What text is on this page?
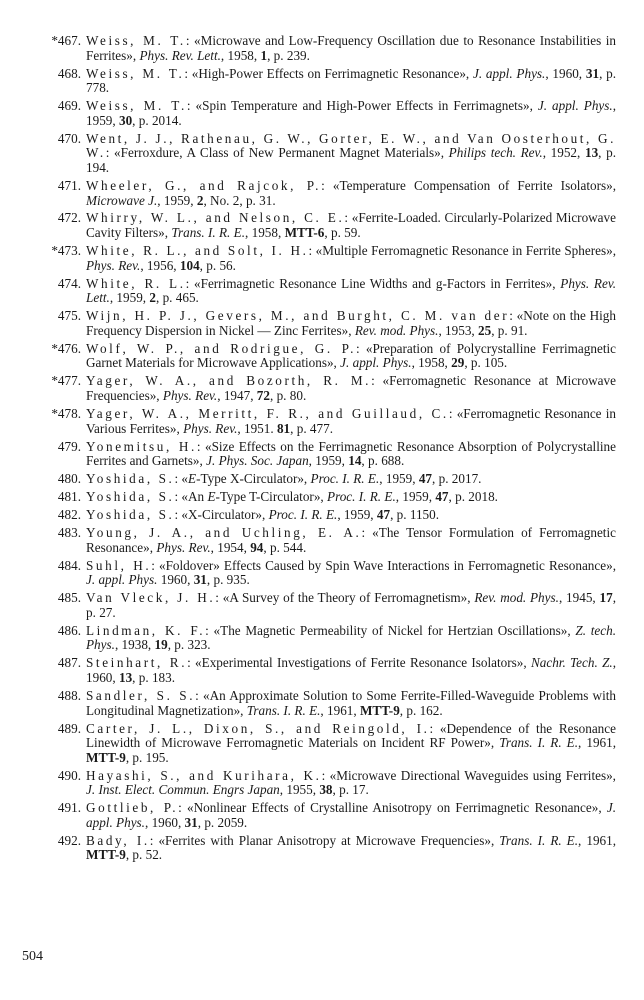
*467. Weiss, M. T.: «Microwave and Low-Frequency Oscillation due to Resonance Instabilities in Ferrites», Phys. Rev. Lett., 1958, 1, p. 239.
468. Weiss, M. T.: «High-Power Effects on Ferrimagnetic Resonance», J. appl. Phys., 1960, 31, p. 778.
469. Weiss, M. T.: «Spin Temperature and High-Power Effects in Ferrimagnets», J. appl. Phys., 1959, 30, p. 2014.
470. Went, J. J., Rathenau, G. W., Gorter, E. W., and Van Oosterhout, G. W.: «Ferroxdure, A Class of New Permanent Magnet Materials», Philips tech. Rev., 1952, 13, p. 194.
471. Wheeler, G., and Rajcok, P.: «Temperature Compensation of Ferrite Isolators», Microwave J., 1959, 2, No. 2, p. 31.
472. Whirry, W. L., and Nelson, C. E.: «Ferrite-Loaded. Circularly-Polarized Microwave Cavity Filters», Trans. I. R. E., 1958, MTT-6, p. 59.
*473. White, R. L., and Solt, I. H.: «Multiple Ferromagnetic Resonance in Ferrite Spheres», Phys. Rev., 1956, 104, p. 56.
474. White, R. L.: «Ferrimagnetic Resonance Line Widths and g-Factors in Ferrites», Phys. Rev. Lett., 1959, 2, p. 465.
475. Wijn, H. P. J., Gevers, M., and Burght, C. M. van der: «Note on the High Frequency Dispersion in Nickel — Zinc Ferrites», Rev. mod. Phys., 1953, 25, p. 91.
*476. Wolf, W. P., and Rodrigue, G. P.: «Preparation of Polycrystalline Ferrimagnetic Garnet Materials for Microwave Applications», J. appl. Phys., 1958, 29, p. 105.
*477. Yager, W. A., and Bozorth, R. M.: «Ferromagnetic Resonance at Microwave Frequencies», Phys. Rev., 1947, 72, p. 80.
*478. Yager, W. A., Merritt, F. R., and Guillaud, C.: «Ferromagnetic Resonance in Various Ferrites», Phys. Rev., 1951. 81, p. 477.
479. Yonemitsu, H.: «Size Effects on the Ferrimagnetic Resonance Absorption of Polycrystalline Ferrites and Garnets», J. Phys. Soc. Japan, 1959, 14, p. 688.
480. Yoshida, S.: «E-Type X-Circulator», Proc. I. R. E., 1959, 47, p. 2017.
481. Yoshida, S.: «An E-Type T-Circulator», Proc. I. R. E., 1959, 47, p. 2018.
482. Yoshida, S.: «X-Circulator», Proc. I. R. E., 1959, 47, p. 1150.
483. Young, J. A., and Uchling, E. A.: «The Tensor Formulation of Ferromagnetic Resonance», Phys. Rev., 1954, 94, p. 544.
484. Suhl, H.: «Foldover» Effects Caused by Spin Wave Interactions in Ferromagnetic Resonance», J. appl. Phys. 1960, 31, p. 935.
485. Van Vleck, J. H.: «A Survey of the Theory of Ferromagnetism», Rev. mod. Phys., 1945, 17, p. 27.
486. Lindman, K. F.: «The Magnetic Permeability of Nickel for Hertzian Oscillations», Z. tech. Phys., 1938, 19, p. 323.
487. Steinhart, R.: «Experimental Investigations of Ferrite Resonance Isolators», Nachr. Tech. Z., 1960, 13, p. 183.
488. Sandler, S. S.: «An Approximate Solution to Some Ferrite-Filled-Waveguide Problems with Longitudinal Magnetization», Trans. I. R. E., 1961, MTT-9, p. 162.
489. Carter, J. L., Dixon, S., and Reingold, I.: «Dependence of the Resonance Linewidth of Microwave Ferromagnetic Materials on Incident RF Power», Trans. I. R. E., 1961, MTT-9, p. 195.
490. Hayashi, S., and Kurihara, K.: «Microwave Directional Waveguides using Ferrites», J. Inst. Elect. Commun. Engrs Japan, 1955, 38, p. 17.
491. Gottlieb, P.: «Nonlinear Effects of Crystalline Anisotropy on Ferrimagnetic Resonance», J. appl. Phys., 1960, 31, p. 2059.
492. Bady, I.: «Ferrites with Planar Anisotropy at Microwave Frequencies», Trans. I. R. E., 1961, MTT-9, p. 52.
504
